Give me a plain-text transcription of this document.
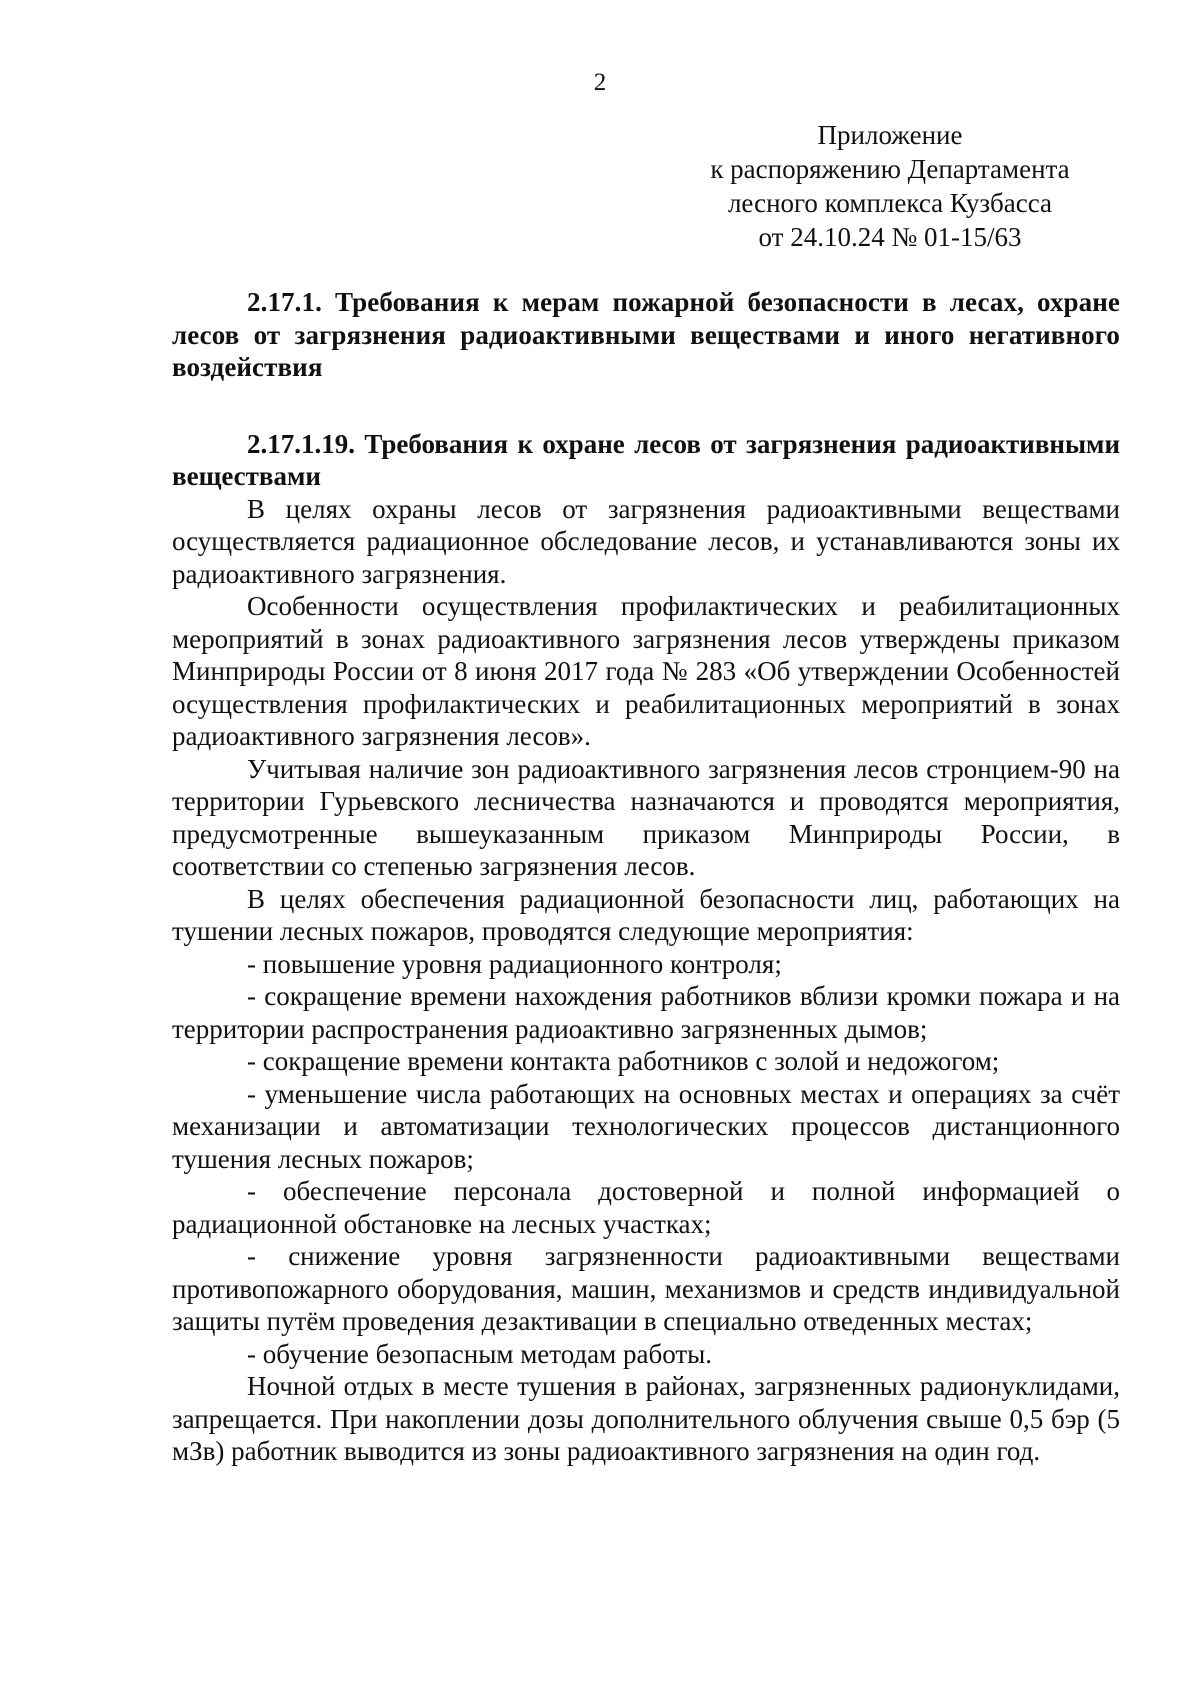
2
Приложение
к распоряжению Департамента
лесного комплекса Кузбасса
от 24.10.24 № 01-15/63

2.17.1. Требования к мерам пожарной безопасности в лесах, охране лесов от загрязнения радиоактивными веществами и иного негативного воздействия

2.17.1.19. Требования к охране лесов от загрязнения радиоактивными веществами

В целях охраны лесов от загрязнения радиоактивными веществами осуществляется радиационное обследование лесов, и устанавливаются зоны их радиоактивного загрязнения.

Особенности осуществления профилактических и реабилитационных мероприятий в зонах радиоактивного загрязнения лесов утверждены приказом Минприроды России от 8 июня 2017 года № 283 «Об утверждении Особенностей осуществления профилактических и реабилитационных мероприятий в зонах радиоактивного загрязнения лесов».

Учитывая наличие зон радиоактивного загрязнения лесов стронцием-90 на территории Гурьевского лесничества назначаются и проводятся мероприятия, предусмотренные вышеуказанным приказом Минприроды России, в соответствии со степенью загрязнения лесов.

В целях обеспечения радиационной безопасности лиц, работающих на тушении лесных пожаров, проводятся следующие мероприятия:

- повышение уровня радиационного контроля;

- сокращение времени нахождения работников вблизи кромки пожара и на территории распространения радиоактивно загрязненных дымов;

- сокращение времени контакта работников с золой и недожогом;

- уменьшение числа работающих на основных местах и операциях за счёт механизации и автоматизации технологических процессов дистанционного тушения лесных пожаров;

- обеспечение персонала достоверной и полной информацией о радиационной обстановке на лесных участках;

- снижение уровня загрязненности радиоактивными веществами противопожарного оборудования, машин, механизмов и средств индивидуальной защиты путём проведения дезактивации в специально отведенных местах;

- обучение безопасным методам работы.

Ночной отдых в месте тушения в районах, загрязненных радионуклидами, запрещается. При накоплении дозы дополнительного облучения свыше 0,5 бэр (5 мЗв) работник выводится из зоны радиоактивного загрязнения на один год.
